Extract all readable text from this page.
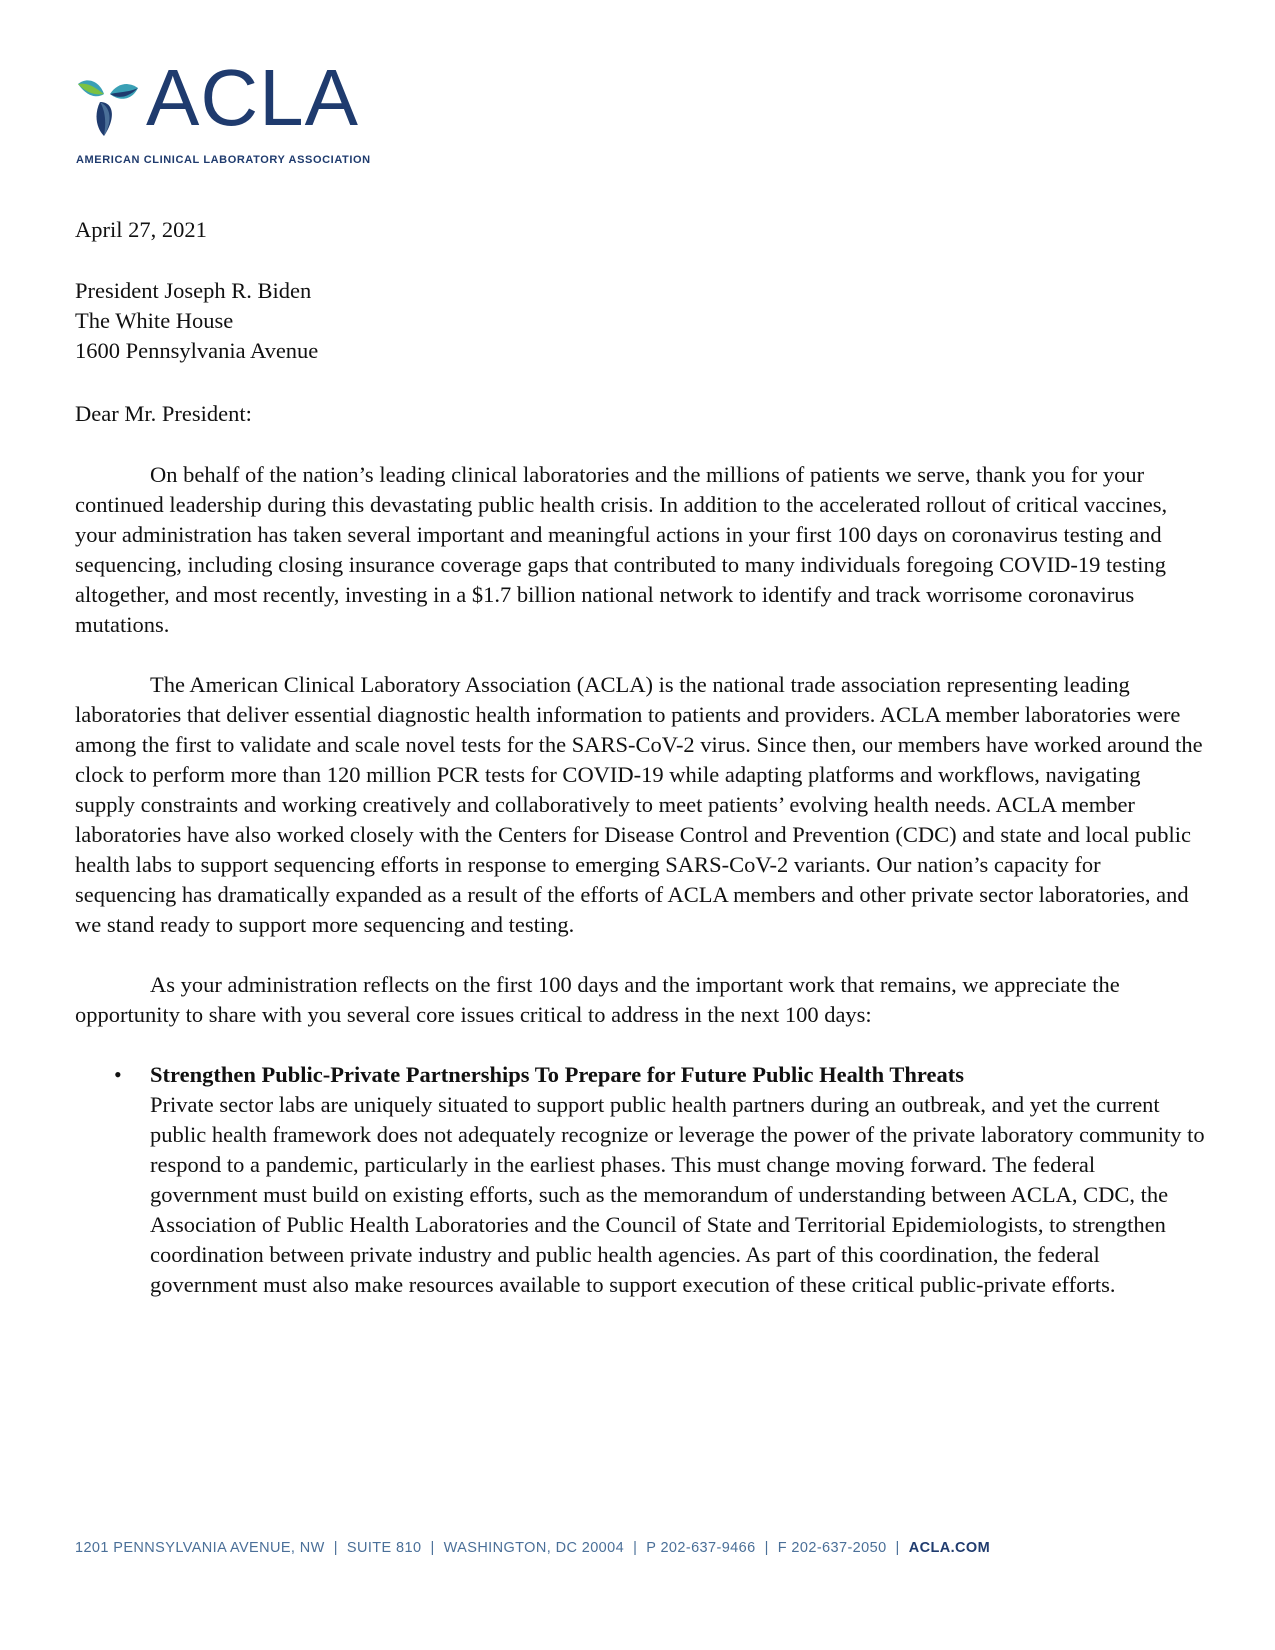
ACLA
AMERICAN CLINICAL LABORATORY ASSOCIATION
April 27, 2021
President Joseph R. Biden
The White House
1600 Pennsylvania Avenue
Dear Mr. President:

On behalf of the nation’s leading clinical laboratories and the millions of patients we serve, thank you for your continued leadership during this devastating public health crisis. In addition to the accelerated rollout of critical vaccines, your administration has taken several important and meaningful actions in your first 100 days on coronavirus testing and sequencing, including closing insurance coverage gaps that contributed to many individuals foregoing COVID-19 testing altogether, and most recently, investing in a $1.7 billion national network to identify and track worrisome coronavirus mutations.

The American Clinical Laboratory Association (ACLA) is the national trade association representing leading laboratories that deliver essential diagnostic health information to patients and providers. ACLA member laboratories were among the first to validate and scale novel tests for the SARS-CoV-2 virus. Since then, our members have worked around the clock to perform more than 120 million PCR tests for COVID-19 while adapting platforms and workflows, navigating supply constraints and working creatively and collaboratively to meet patients’ evolving health needs. ACLA member laboratories have also worked closely with the Centers for Disease Control and Prevention (CDC) and state and local public health labs to support sequencing efforts in response to emerging SARS-CoV-2 variants. Our nation’s capacity for sequencing has dramatically expanded as a result of the efforts of ACLA members and other private sector laboratories, and we stand ready to support more sequencing and testing.

As your administration reflects on the first 100 days and the important work that remains, we appreciate the opportunity to share with you several core issues critical to address in the next 100 days:

• Strengthen Public-Private Partnerships To Prepare for Future Public Health Threats
Private sector labs are uniquely situated to support public health partners during an outbreak, and yet the current public health framework does not adequately recognize or leverage the power of the private laboratory community to respond to a pandemic, particularly in the earliest phases. This must change moving forward. The federal government must build on existing efforts, such as the memorandum of understanding between ACLA, CDC, the Association of Public Health Laboratories and the Council of State and Territorial Epidemiologists, to strengthen coordination between private industry and public health agencies. As part of this coordination, the federal government must also make resources available to support execution of these critical public-private efforts.
1201 PENNSYLVANIA AVENUE, NW | SUITE 810 | WASHINGTON, DC 20004 | P 202-637-9466 | F 202-637-2050 | ACLA.COM
